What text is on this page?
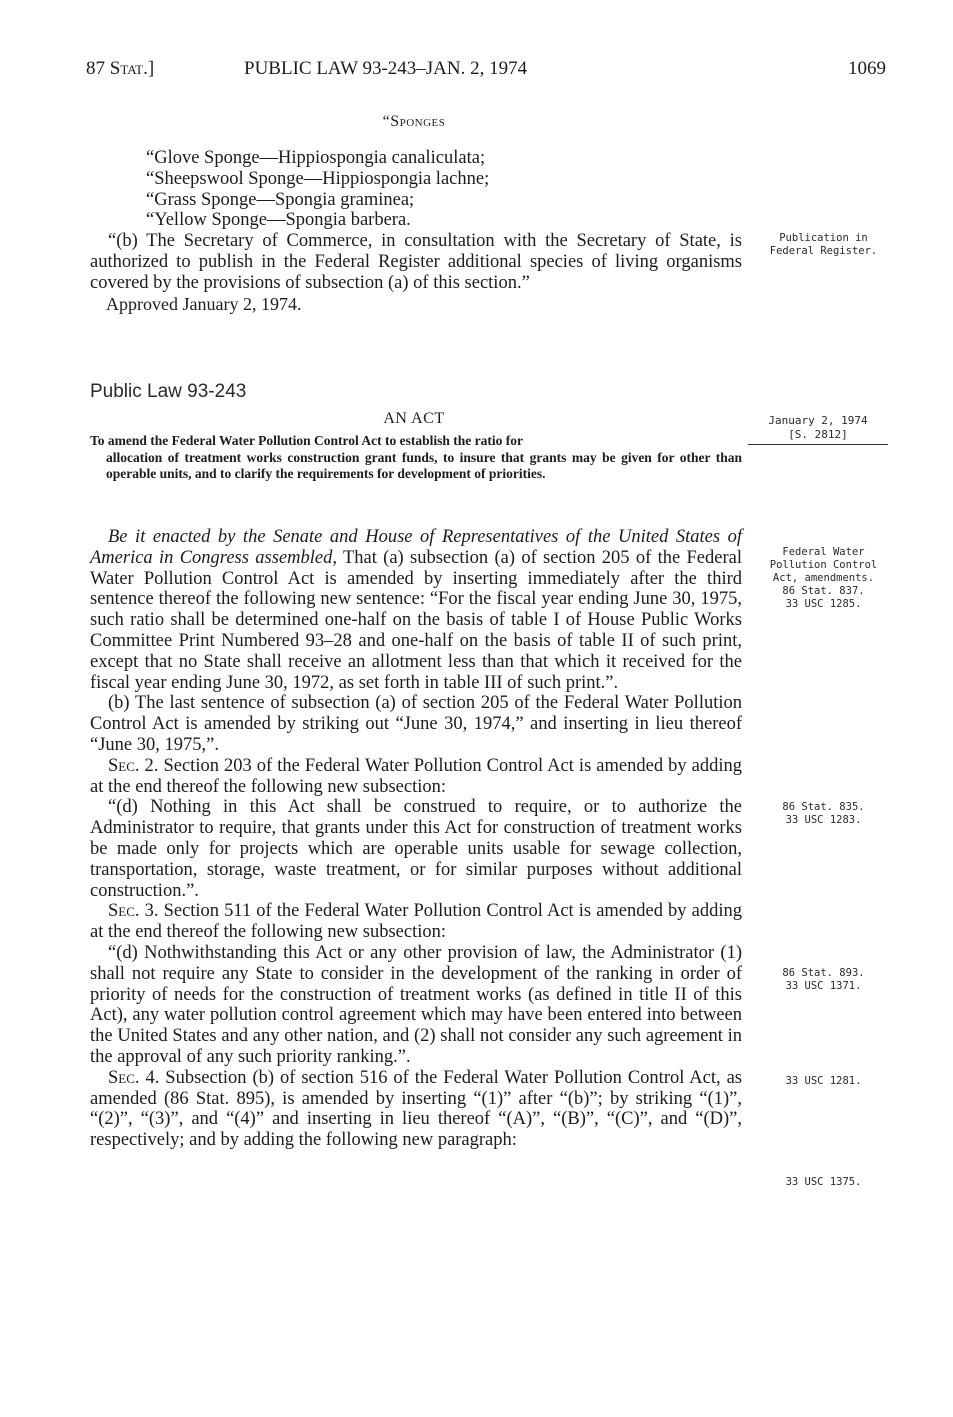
87 Stat.]	PUBLIC LAW 93-243–JAN. 2, 1974	1069
“Sponges

“Glove Sponge—Hippiospongia canaliculata;

“Sheepswool Sponge—Hippiospongia lachne;

“Grass Sponge—Spongia graminea;

“Yellow Sponge—Spongia barbera.

“(b) The Secretary of Commerce, in consultation with the Secretary of State, is authorized to publish in the Federal Register additional species of living organisms covered by the provisions of subsection (a) of this section.”

Approved January 2, 1974.

Publication in
Federal Register.
Public Law 93-243
AN ACT	January 2, 1974
[S. 2812]

To amend the Federal Water Pollution Control Act to establish the ratio for

allocation of treatment works construction grant funds, to insure that grants may be given for other than operable units, and to clarify the requirements for development of priorities.

Be it enacted by the Senate and House of Representatives of the United States of America in Congress assembled, That (a) subsection (a) of section 205 of the Federal Water Pollution Control Act is amended by inserting immediately after the third sentence thereof the following new sentence: “For the fiscal year ending June 30, 1975, such ratio shall be determined one-half on the basis of table I of House Public Works Committee Print Numbered 93–28 and one-half on the basis of table II of such print, except that no State shall receive an allotment less than that which it received for the fiscal year ending June 30, 1972, as set forth in table III of such print.”.

(b) The last sentence of subsection (a) of section 205 of the Federal Water Pollution Control Act is amended by striking out “June 30, 1974,” and inserting in lieu thereof “June 30, 1975,”.

Sec. 2. Section 203 of the Federal Water Pollution Control Act is amended by adding at the end thereof the following new subsection:

“(d) Nothing in this Act shall be construed to require, or to authorize the Administrator to require, that grants under this Act for construction of treatment works be made only for projects which are operable units usable for sewage collection, transportation, storage, waste treatment, or for similar purposes without additional construction.”.

Sec. 3. Section 511 of the Federal Water Pollution Control Act is amended by adding at the end thereof the following new subsection:

“(d) Nothwithstanding this Act or any other provision of law, the Administrator (1) shall not require any State to consider in the development of the ranking in order of priority of needs for the construction of treatment works (as defined in title II of this Act), any water pollution control agreement which may have been entered into between the United States and any other nation, and (2) shall not consider any such agreement in the approval of any such priority ranking.”.

Sec. 4. Subsection (b) of section 516 of the Federal Water Pollution Control Act, as amended (86 Stat. 895), is amended by inserting “(1)” after “(b)”; by striking “(1)”, “(2)”, “(3)”, and “(4)” and inserting in lieu thereof “(A)”, “(B)”, “(C)”, and “(D)”, respectively; and by adding the following new paragraph:

Federal Water
Pollution Control
Act, amendments.
86 Stat. 837.
33 USC 1285.
86 Stat. 835.
33 USC 1283.
86 Stat. 893.
33 USC 1371.
33 USC 1281.
33 USC 1375.
